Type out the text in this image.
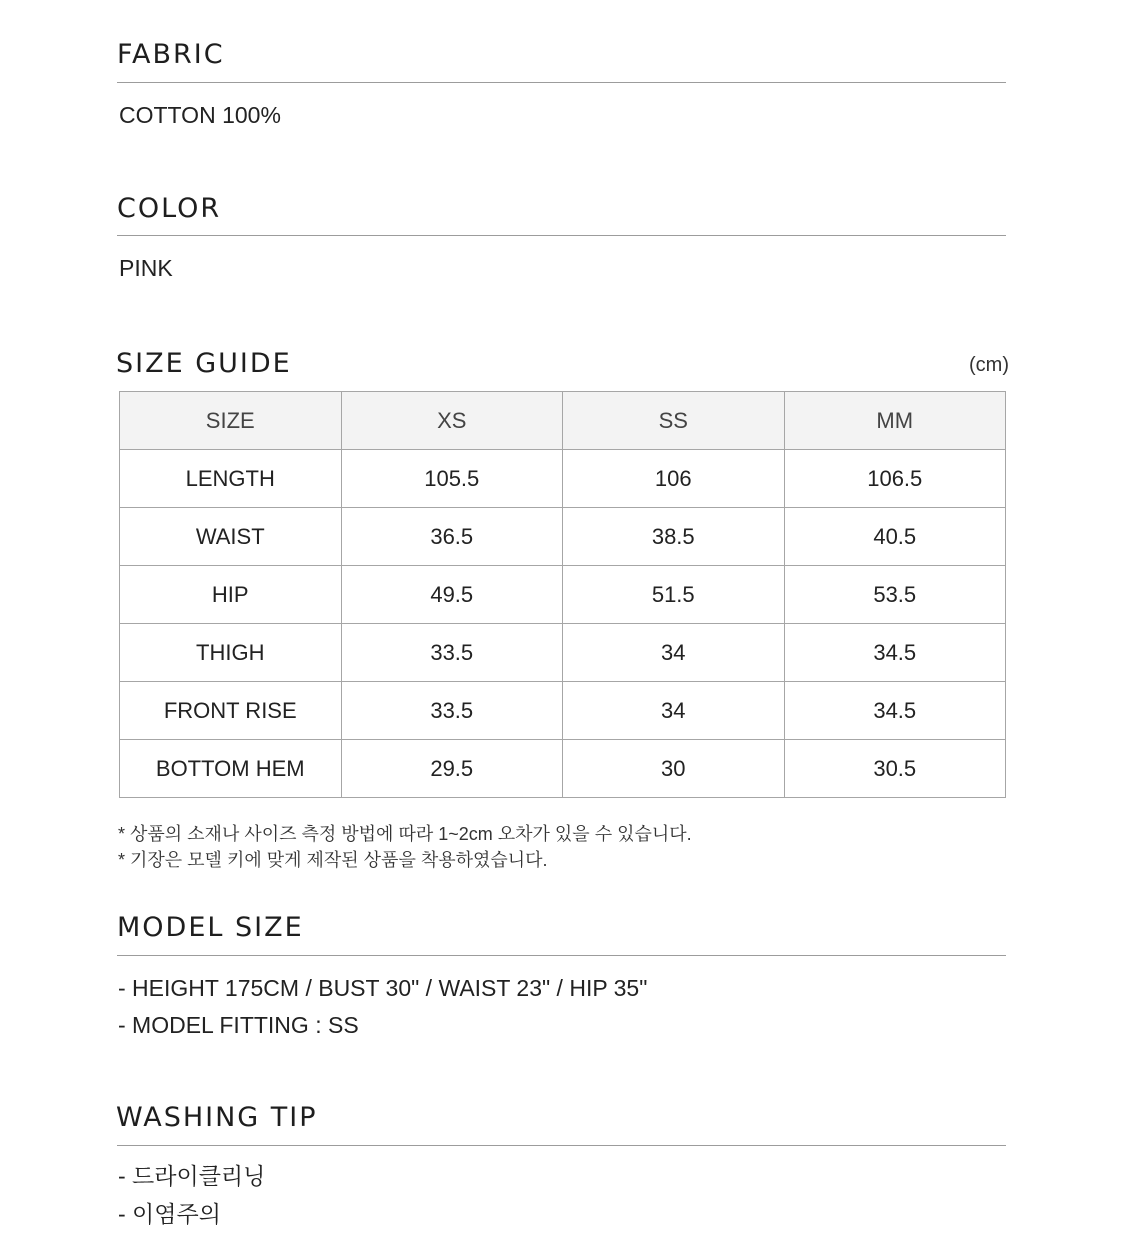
FABRIC
COTTON 100%
COLOR
PINK
SIZE GUIDE	(cm)
SIZE	XS	SS	MM
LENGTH	105.5	106	106.5
WAIST	36.5	38.5	40.5
HIP	49.5	51.5	53.5
THIGH	33.5	34	34.5
FRONT RISE	33.5	34	34.5
BOTTOM HEM	29.5	30	30.5
* 상품의 소재나 사이즈 측정 방법에 따라 1~2cm 오차가 있을 수 있습니다.
* 기장은 모델 키에 맞게 제작된 상품을 착용하였습니다.
MODEL SIZE
- HEIGHT 175CM / BUST 30" / WAIST 23" / HIP 35"
- MODEL FITTING : SS
WASHING TIP
- 드라이클리닝
- 이염주의
